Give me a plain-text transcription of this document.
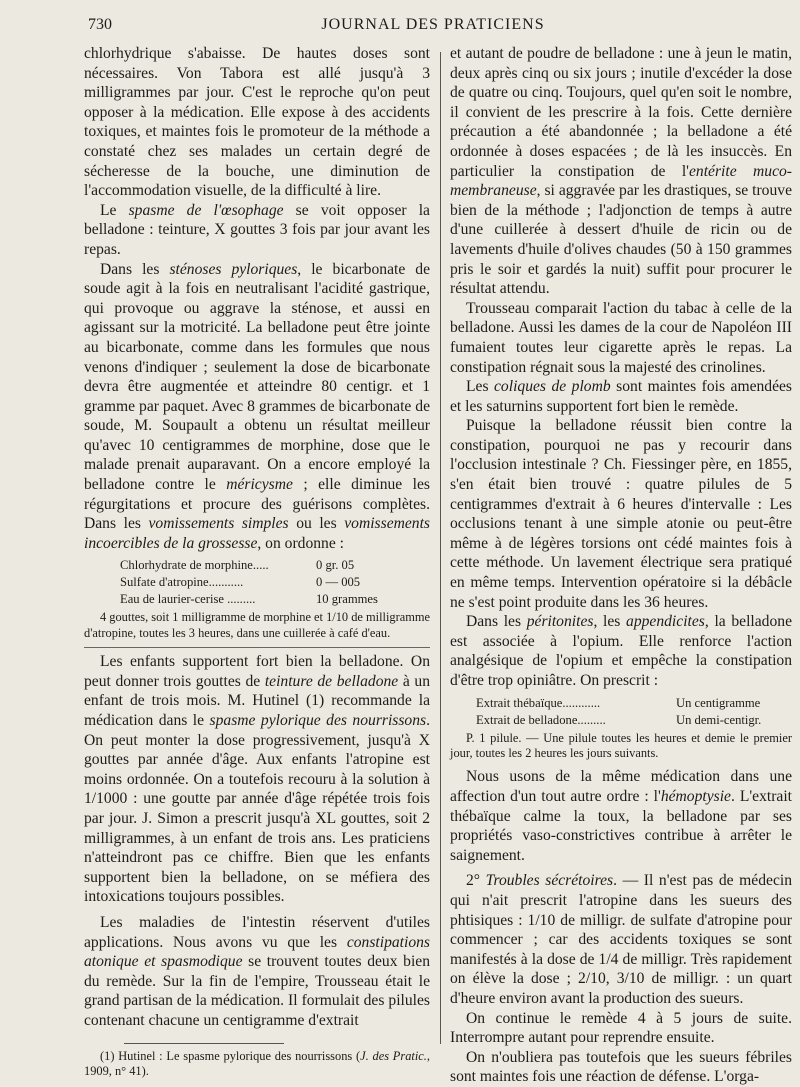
730	JOURNAL DES PRATICIENS

chlorhydrique s'abaisse. De hautes doses sont nécessaires. Von Tabora est allé jusqu'à 3 milligrammes par jour. C'est le reproche qu'on peut opposer à la médication. Elle expose à des accidents toxiques, et maintes fois le promoteur de la méthode a constaté chez ses malades un certain degré de sécheresse de la bouche, une diminution de l'accommodation visuelle, de la difficulté à lire.

Le spasme de l'œsophage se voit opposer la belladone : teinture, X gouttes 3 fois par jour avant les repas.

Dans les sténoses pyloriques, le bicarbonate de soude agit à la fois en neutralisant l'acidité gastrique, qui provoque ou aggrave la sténose, et aussi en agissant sur la motricité. La belladone peut être jointe au bicarbonate, comme dans les formules que nous venons d'indiquer ; seulement la dose de bicarbonate devra être augmentée et atteindre 80 centigr. et 1 gramme par paquet. Avec 8 grammes de bicarbonate de soude, M. Soupault a obtenu un résultat meilleur qu'avec 10 centigrammes de morphine, dose que le malade prenait auparavant. On a encore employé la belladone contre le méricysme ; elle diminue les régurgitations et procure des guérisons complètes. Dans les vomissements simples ou les vomissements incoercibles de la grossesse, on ordonne :

Chlorhydrate de morphine.....	0 gr. 05
Sulfate d'atropine...........	0 — 005
Eau de laurier-cerise .........	10 grammes

4 gouttes, soit 1 milligramme de morphine et 1/10 de milligramme d'atropine, toutes les 3 heures, dans une cuillerée à café d'eau.

Les enfants supportent fort bien la belladone. On peut donner trois gouttes de teinture de belladone à un enfant de trois mois. M. Hutinel (1) recommande la médication dans le spasme pylorique des nourrissons. On peut monter la dose progressivement, jusqu'à X gouttes par année d'âge. Aux enfants l'atropine est moins ordonnée. On a toutefois recouru à la solution à 1/1000 : une goutte par année d'âge répétée trois fois par jour. J. Simon a prescrit jusqu'à XL gouttes, soit 2 milligrammes, à un enfant de trois ans. Les praticiens n'atteindront pas ce chiffre. Bien que les enfants supportent bien la belladone, on se méfiera des intoxications toujours possibles.

Les maladies de l'intestin réservent d'utiles applications. Nous avons vu que les constipations atonique et spasmodique se trouvent toutes deux bien du remède. Sur la fin de l'empire, Trousseau était le grand partisan de la médication. Il formulait des pilules contenant chacune un centigramme d'extrait

(1) Hutinel : Le spasme pylorique des nourrissons (J. des Pratic., 1909, n° 41).

et autant de poudre de belladone : une à jeun le matin, deux après cinq ou six jours ; inutile d'excéder la dose de quatre ou cinq. Toujours, quel qu'en soit le nombre, il convient de les prescrire à la fois. Cette dernière précaution a été abandonnée ; la belladone a été ordonnée à doses espacées ; de là les insuccès. En particulier la constipation de l'entérite muco-membraneuse, si aggravée par les drastiques, se trouve bien de la méthode ; l'adjonction de temps à autre d'une cuillerée à dessert d'huile de ricin ou de lavements d'huile d'olives chaudes (50 à 150 grammes pris le soir et gardés la nuit) suffit pour procurer le résultat attendu.

Trousseau comparait l'action du tabac à celle de la belladone. Aussi les dames de la cour de Napoléon III fumaient toutes leur cigarette après le repas. La constipation régnait sous la majesté des crinolines.

Les coliques de plomb sont maintes fois amendées et les saturnins supportent fort bien le remède.

Puisque la belladone réussit bien contre la constipation, pourquoi ne pas y recourir dans l'occlusion intestinale ? Ch. Fiessinger père, en 1855, s'en était bien trouvé : quatre pilules de 5 centigrammes d'extrait à 6 heures d'intervalle : Les occlusions tenant à une simple atonie ou peut-être même à de légères torsions ont cédé maintes fois à cette méthode. Un lavement électrique sera pratiqué en même temps. Intervention opératoire si la débâcle ne s'est point produite dans les 36 heures.

Dans les péritonites, les appendicites, la belladone est associée à l'opium. Elle renforce l'action analgésique de l'opium et empêche la constipation d'être trop opiniâtre. On prescrit :

Extrait thébaïque............	Un centigramme
Extrait de belladone.........	Un demi-centigr.

P. 1 pilule. — Une pilule toutes les heures et demie le premier jour, toutes les 2 heures les jours suivants.

Nous usons de la même médication dans une affection d'un tout autre ordre : l'hémoptysie. L'extrait thébaïque calme la toux, la belladone par ses propriétés vaso-constrictives contribue à arrêter le saignement.

2° Troubles sécrétoires. — Il n'est pas de médecin qui n'ait prescrit l'atropine dans les sueurs des phtisiques : 1/10 de milligr. de sulfate d'atropine pour commencer ; car des accidents toxiques se sont manifestés à la dose de 1/4 de milligr. Très rapidement on élève la dose ; 2/10, 3/10 de milligr. : un quart d'heure environ avant la production des sueurs.

On continue le remède 4 à 5 jours de suite. Interrompre autant pour reprendre ensuite.

On n'oubliera pas toutefois que les sueurs fébriles sont maintes fois une réaction de défense. L'orga-
